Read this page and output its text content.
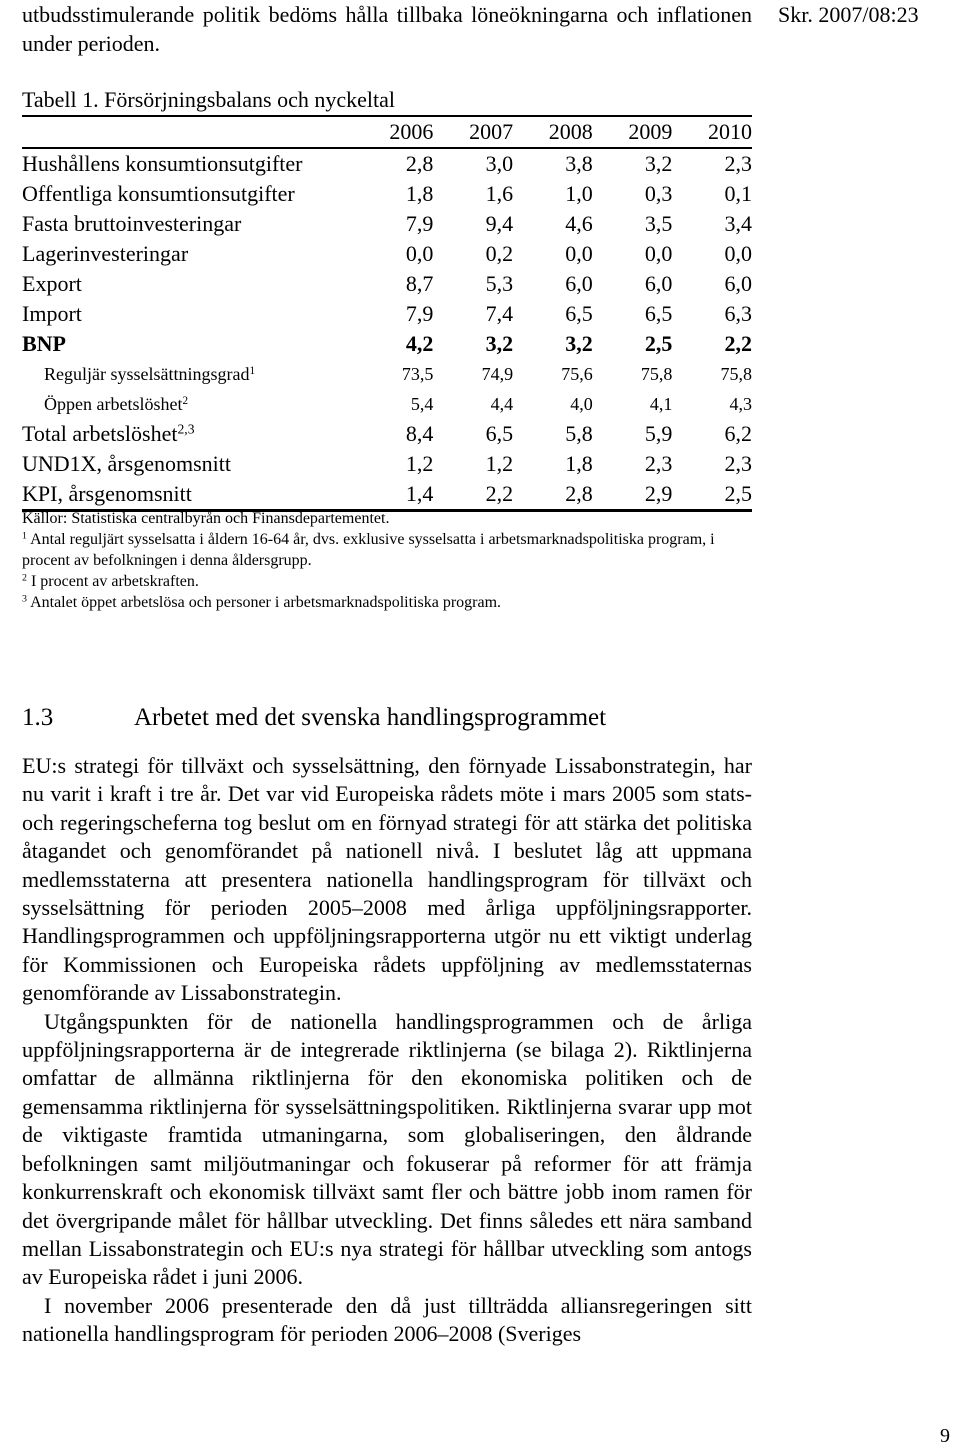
utbudsstimulerande politik bedöms hålla tillbaka löneökningarna och inflationen under perioden.

Skr. 2007/08:23
Tabell 1. Försörjningsbalans och nyckeltal
	2006	2007	2008	2009	2010
Hushållens konsumtionsutgifter	2,8	3,0	3,8	3,2	2,3
Offentliga konsumtionsutgifter	1,8	1,6	1,0	0,3	0,1
Fasta bruttoinvesteringar	7,9	9,4	4,6	3,5	3,4
Lagerinvesteringar	0,0	0,2	0,0	0,0	0,0
Export	8,7	5,3	6,0	6,0	6,0
Import	7,9	7,4	6,5	6,5	6,3
BNP	4,2	3,2	3,2	2,5	2,2
Reguljär sysselsättningsgrad$^1$	73,5	74,9	75,6	75,8	75,8
Öppen arbetslöshet$^2$	5,4	4,4	4,0	4,1	4,3
Total arbetslöshet$^{2,3}$	8,4	6,5	5,8	5,9	6,2
UND1X, årsgenomsnitt	1,2	1,2	1,8	2,3	2,3
KPI, årsgenomsnitt	1,4	2,2	2,8	2,9	2,5

Källor: Statistiska centralbyrån och Finansdepartementet.

$^1$ Antal reguljärt sysselsatta i åldern 16-64 år, dvs. exklusive sysselsatta i arbetsmarknadspolitiska program, i procent av befolkningen i denna åldersgrupp.

$^2$ I procent av arbetskraften.

$^3$ Antalet öppet arbetslösa och personer i arbetsmarknadspolitiska program.

1.3	Arbetet med det svenska handlingsprogrammet

EU:s strategi för tillväxt och sysselsättning, den förnyade Lissabonstrategin, har nu varit i kraft i tre år. Det var vid Europeiska rådets möte i mars 2005 som stats- och regeringscheferna tog beslut om en förnyad strategi för att stärka det politiska åtagandet och genomförandet på nationell nivå. I beslutet låg att uppmana medlemsstaterna att presentera nationella handlingsprogram för tillväxt och sysselsättning för perioden 2005–2008 med årliga uppföljningsrapporter. Handlingsprogrammen och uppföljningsrapporterna utgör nu ett viktigt underlag för Kommissionen och Europeiska rådets uppföljning av medlemsstaternas genomförande av Lissabonstrategin.

Utgångspunkten för de nationella handlingsprogrammen och de årliga uppföljningsrapporterna är de integrerade riktlinjerna (se bilaga 2). Riktlinjerna omfattar de allmänna riktlinjerna för den ekonomiska politiken och de gemensamma riktlinjerna för sysselsättningspolitiken. Riktlinjerna svarar upp mot de viktigaste framtida utmaningarna, som globaliseringen, den åldrande befolkningen samt miljöutmaningar och fokuserar på reformer för att främja konkurrenskraft och ekonomisk tillväxt samt fler och bättre jobb inom ramen för det övergripande målet för hållbar utveckling. Det finns således ett nära samband mellan Lissabonstrategin och EU:s nya strategi för hållbar utveckling som antogs av Europeiska rådet i juni 2006.

I november 2006 presenterade den då just tillträdda alliansregeringen sitt nationella handlingsprogram för perioden 2006–2008 (Sveriges

9
